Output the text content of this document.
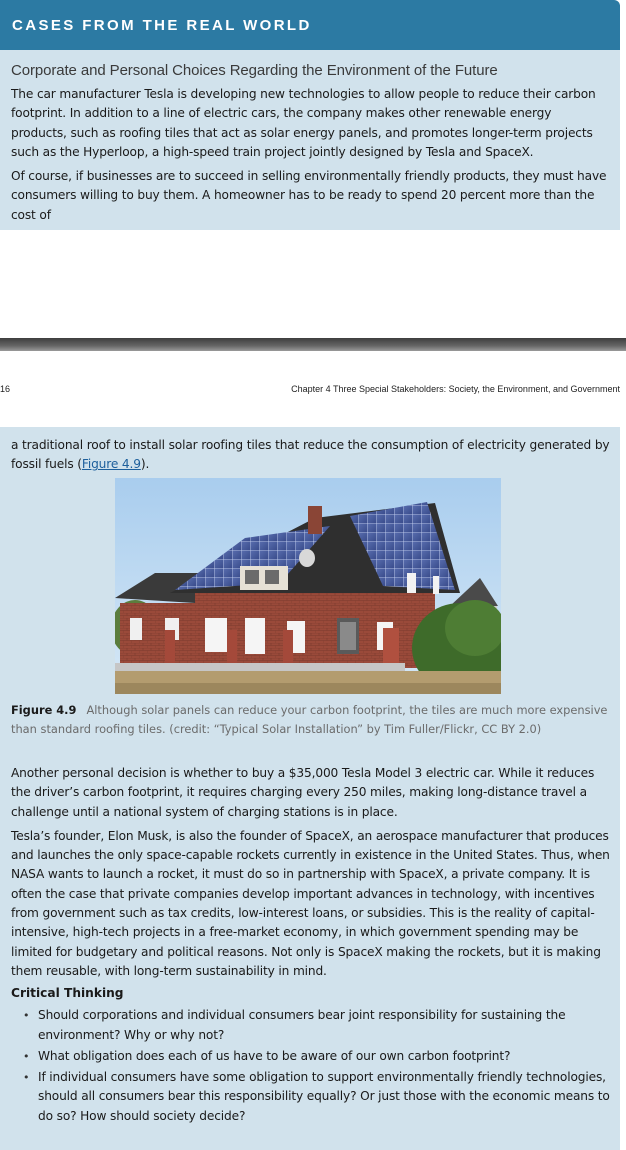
CASES FROM THE REAL WORLD
Corporate and Personal Choices Regarding the Environment of the Future

The car manufacturer Tesla is developing new technologies to allow people to reduce their carbon footprint. In addition to a line of electric cars, the company makes other renewable energy products, such as roofing tiles that act as solar energy panels, and promotes longer-term projects such as the Hyperloop, a high-speed train project jointly designed by Tesla and SpaceX.

Of course, if businesses are to succeed in selling environmentally friendly products, they must have consumers willing to buy them. A homeowner has to be ready to spend 20 percent more than the cost of

16	Chapter 4 Three Special Stakeholders: Society, the Environment, and Government

a traditional roof to install solar roofing tiles that reduce the consumption of electricity generated by fossil fuels (Figure 4.9).

Figure 4.9 Although solar panels can reduce your carbon footprint, the tiles are much more expensive than standard roofing tiles. (credit: “Typical Solar Installation” by Tim Fuller/Flickr, CC BY 2.0)

Another personal decision is whether to buy a $35,000 Tesla Model 3 electric car. While it reduces the driver’s carbon footprint, it requires charging every 250 miles, making long-distance travel a challenge until a national system of charging stations is in place.

Tesla’s founder, Elon Musk, is also the founder of SpaceX, an aerospace manufacturer that produces and launches the only space-capable rockets currently in existence in the United States. Thus, when NASA wants to launch a rocket, it must do so in partnership with SpaceX, a private company. It is often the case that private companies develop important advances in technology, with incentives from government such as tax credits, low-interest loans, or subsidies. This is the reality of capital-intensive, high-tech projects in a free-market economy, in which government spending may be limited for budgetary and political reasons. Not only is SpaceX making the rockets, but it is making them reusable, with long-term sustainability in mind.

Critical Thinking
• Should corporations and individual consumers bear joint responsibility for sustaining the environment? Why or why not?
• What obligation does each of us have to be aware of our own carbon footprint?
• If individual consumers have some obligation to support environmentally friendly technologies, should all consumers bear this responsibility equally? Or just those with the economic means to do so? How should society decide?
